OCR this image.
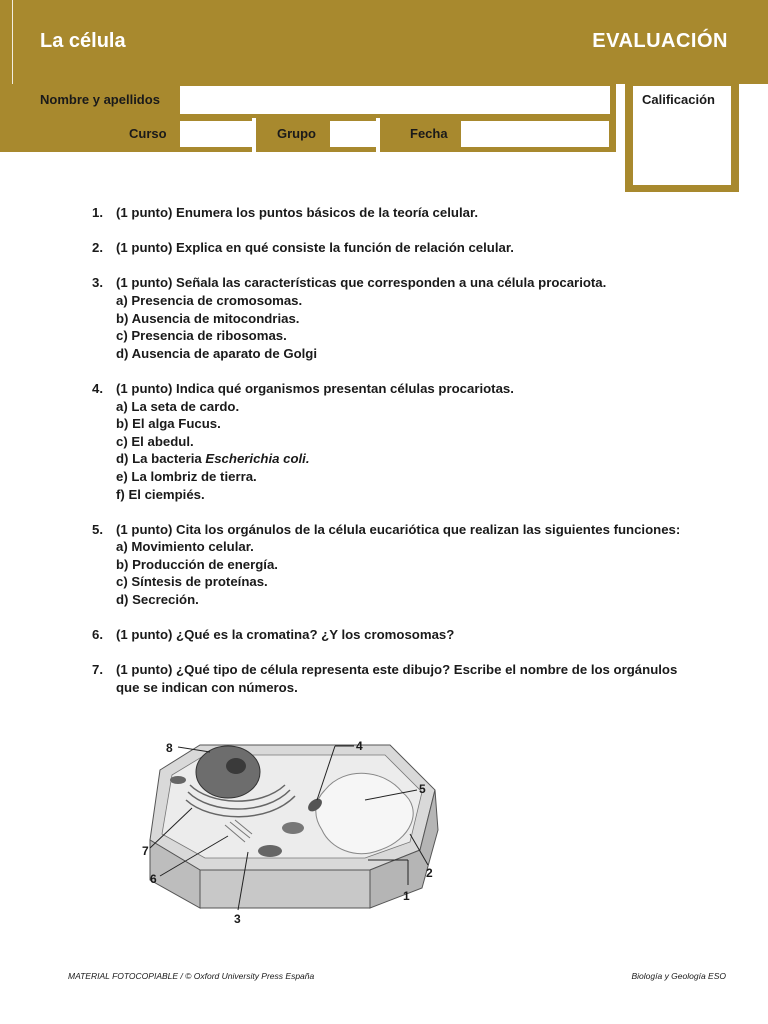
La célula	EVALUACIÓN
Nombre y apellidos
Curso	Grupo	Fecha
Calificación
1. (1 punto) Enumera los puntos básicos de la teoría celular.
2. (1 punto) Explica en qué consiste la función de relación celular.
3. (1 punto) Señala las características que corresponden a una célula procariota.
a) Presencia de cromosomas.
b) Ausencia de mitocondrias.
c) Presencia de ribosomas.
d) Ausencia de aparato de Golgi
4. (1 punto) Indica qué organismos presentan células procariotas.
a) La seta de cardo.
b) El alga Fucus.
c) El abedul.
d) La bacteria Escherichia coli.
e) La lombriz de tierra.
f) El ciempiés.
5. (1 punto) Cita los orgánulos de la célula eucariótica que realizan las siguientes funciones:
a) Movimiento celular.
b) Producción de energía.
c) Síntesis de proteínas.
d) Secreción.
6. (1 punto) ¿Qué es la cromatina? ¿Y los cromosomas?
7. (1 punto) ¿Qué tipo de célula representa este dibujo? Escribe el nombre de los orgánulos que se indican con números.
8	4
5
7
6	2
1
3
MATERIAL FOTOCOPIABLE / © Oxford University Press España	Biología y Geología ESO
